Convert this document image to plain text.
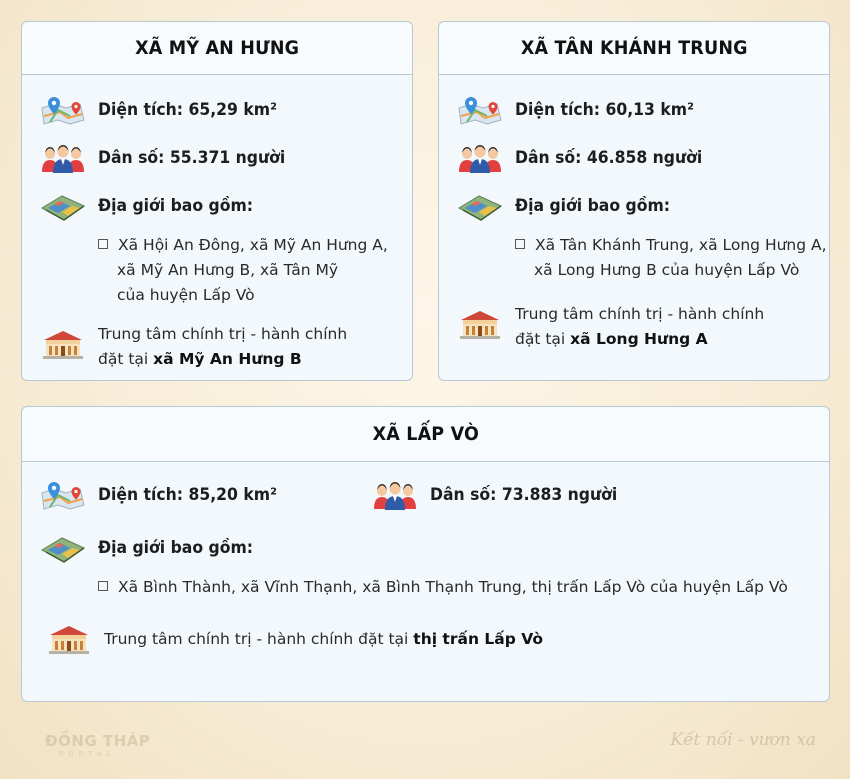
XÃ MỸ AN HƯNG
Diện tích: 65,29 km²
Dân số: 55.371 người
Địa giới bao gồm:
Xã Hội An Đông, xã Mỹ An Hưng A,
xã Mỹ An Hưng B, xã Tân Mỹ
của huyện Lấp Vò
Trung tâm chính trị - hành chính
đặt tại xã Mỹ An Hưng B
XÃ TÂN KHÁNH TRUNG
Diện tích: 60,13 km²
Dân số: 46.858 người
Địa giới bao gồm:
Xã Tân Khánh Trung, xã Long Hưng A,
xã Long Hưng B của huyện Lấp Vò
Trung tâm chính trị - hành chính
đặt tại xã Long Hưng A
XÃ LẤP VÒ
Diện tích: 85,20 km²	Dân số: 73.883 người
Địa giới bao gồm:
Xã Bình Thành, xã Vĩnh Thạnh, xã Bình Thạnh Trung, thị trấn Lấp Vò của huyện Lấp Vò
Trung tâm chính trị - hành chính đặt tại thị trấn Lấp Vò
ĐỒNG THÁP
PORTAL
Kết nối - vươn xa
